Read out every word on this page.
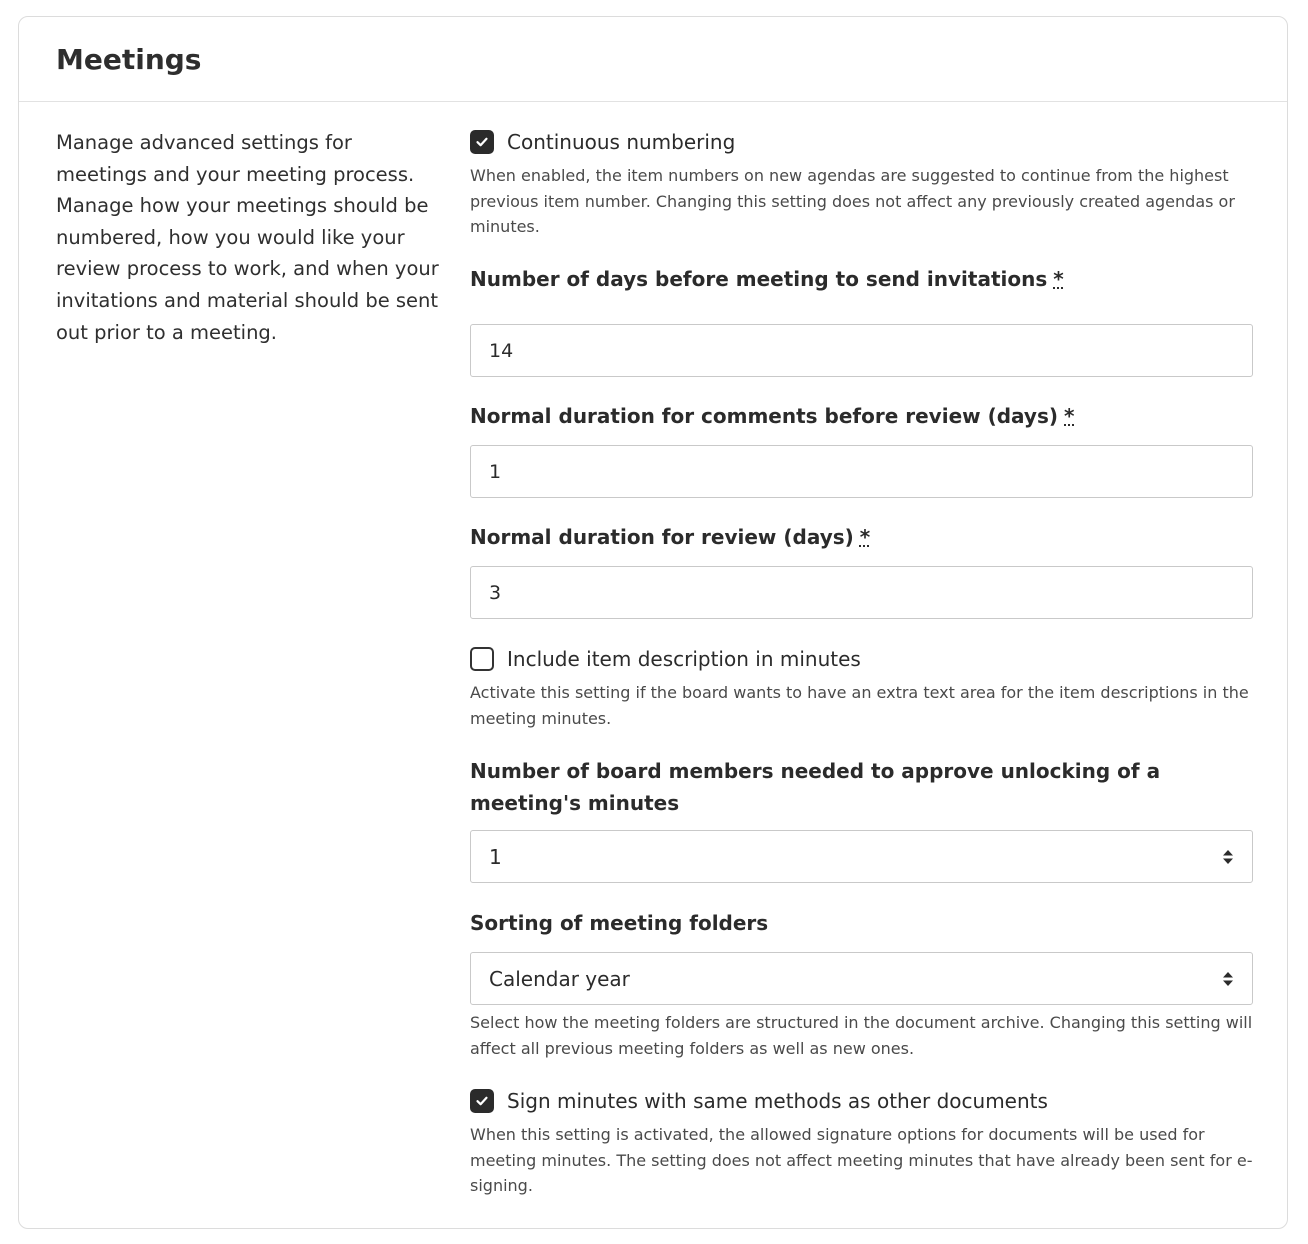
Meetings

Manage advanced settings for meetings and your meeting process. Manage how your meetings should be numbered, how you would like your review process to work, and when your invitations and material should be sent out prior to a meeting.

Continuous numbering

When enabled, the item numbers on new agendas are suggested to continue from the highest previous item number. Changing this setting does not affect any previously created agendas or minutes.

Number of days before meeting to send invitations *
14
Normal duration for comments before review (days) *
1
Normal duration for review (days) *
3
Include item description in minutes

Activate this setting if the board wants to have an extra text area for the item descriptions in the meeting minutes.

Number of board members needed to approve unlocking of a meeting's minutes
1
Sorting of meeting folders
Calendar year

Select how the meeting folders are structured in the document archive. Changing this setting will affect all previous meeting folders as well as new ones.

Sign minutes with same methods as other documents

When this setting is activated, the allowed signature options for documents will be used for meeting minutes. The setting does not affect meeting minutes that have already been sent for e-signing.
